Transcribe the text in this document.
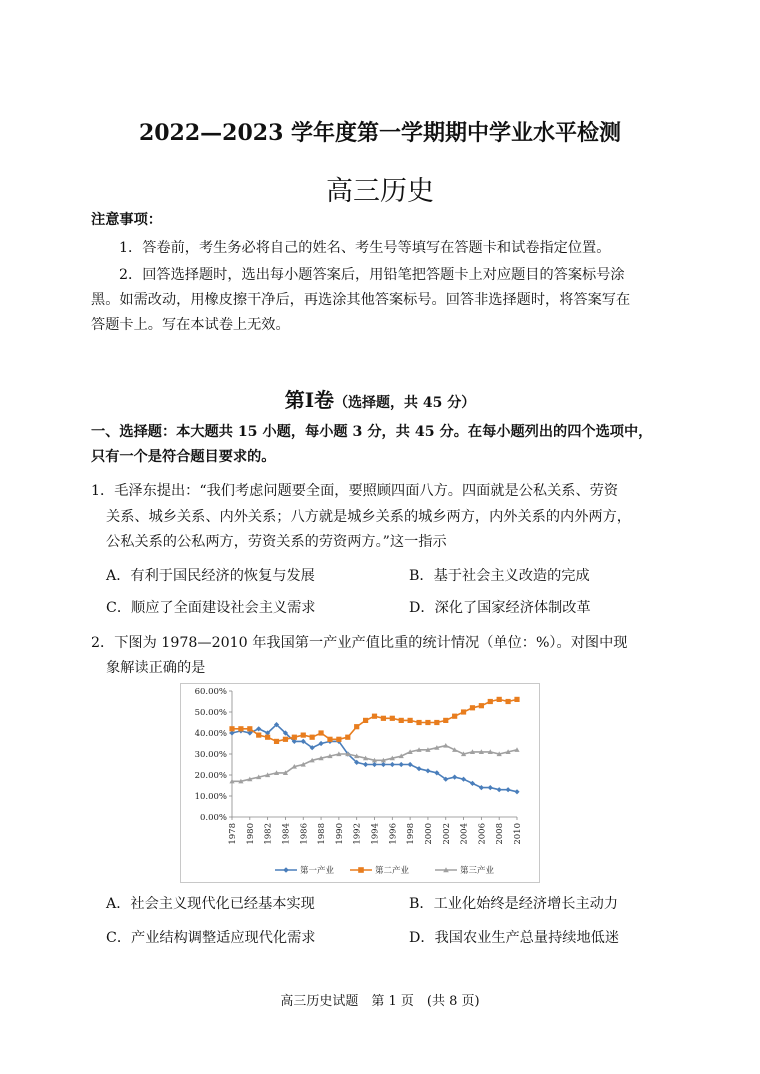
2022—2023 学年度第一学期期中学业水平检测
高三历史
注意事项：
1．答卷前，考生务必将自己的姓名、考生号等填写在答题卡和试卷指定位置。
2．回答选择题时，选出每小题答案后，用铅笔把答题卡上对应题目的答案标号涂
黑。如需改动，用橡皮擦干净后，再选涂其他答案标号。回答非选择题时，将答案写在
答题卡上。写在本试卷上无效。
第Ⅰ卷（选择题，共 45 分）
一、选择题：本大题共 15 小题，每小题 3 分，共 45 分。在每小题列出的四个选项中，
只有一个是符合题目要求的。
1．毛泽东提出：“我们考虑问题要全面，要照顾四面八方。四面就是公私关系、劳资
关系、城乡关系、内外关系；八方就是城乡关系的城乡两方，内外关系的内外两方，
公私关系的公私两方，劳资关系的劳资两方。”这一指示
A．有利于国民经济的恢复与发展	B．基于社会主义改造的完成
C．顺应了全面建设社会主义需求	D．深化了国家经济体制改革
2．下图为 1978—2010 年我国第一产业产值比重的统计情况（单位：%）。对图中现
象解读正确的是
0.00%
10.00%
20.00%
30.00%
40.00%
50.00%
60.00%
1978 1980 1982 1984 1986 1988 1990 1992 1994 1996 1998 2000 2002 2004 2006 2008 2010
第一产业	第二产业	第三产业
A．社会主义现代化已经基本实现	B．工业化始终是经济增长主动力
C．产业结构调整适应现代化需求	D．我国农业生产总量持续地低迷
高三历史试题　第 1 页　(共 8 页)
